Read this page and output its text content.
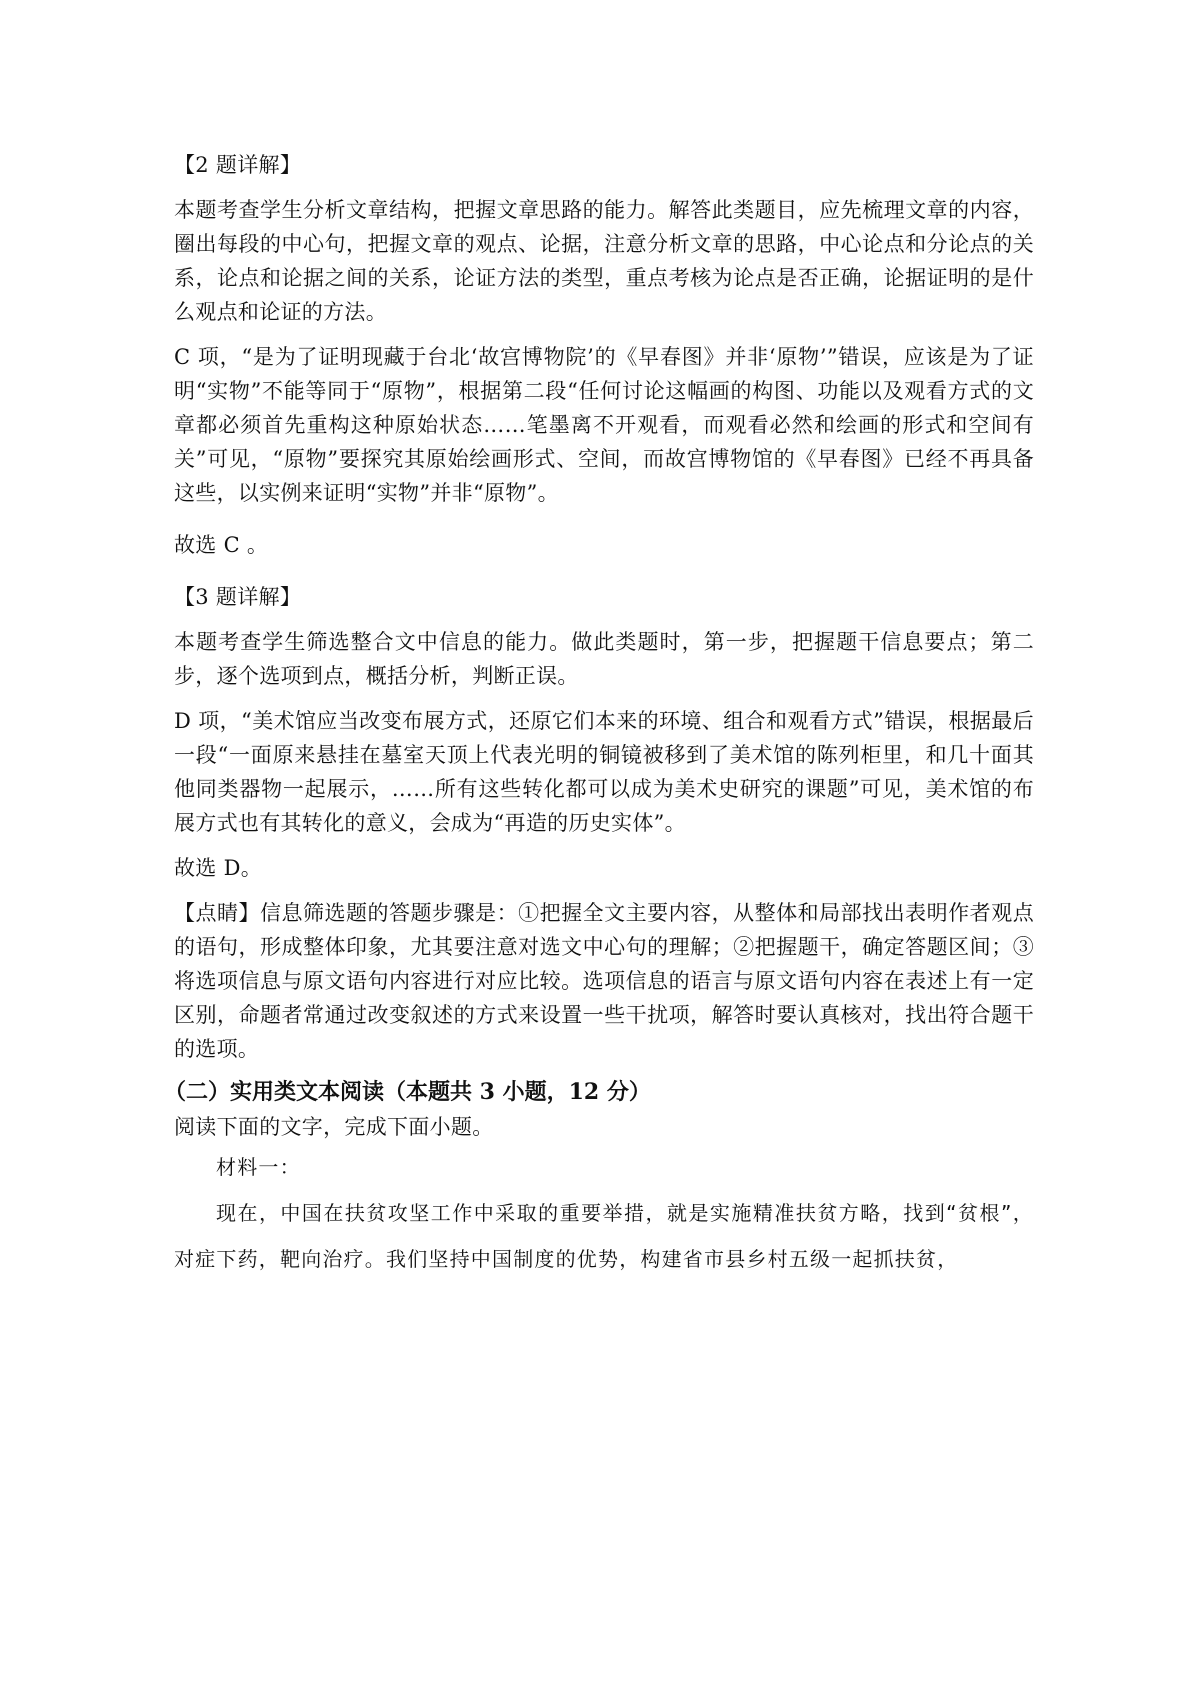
【2 题详解】

本题考查学生分析文章结构，把握文章思路的能力。解答此类题目，应先梳理文章的内容，圈出每段的中心句，把握文章的观点、论据，注意分析文章的思路，中心论点和分论点的关系，论点和论据之间的关系，论证方法的类型，重点考核为论点是否正确，论据证明的是什么观点和论证的方法。

C 项，“是为了证明现藏于台北‘故宫博物院’的《早春图》并非‘原物’”错误，应该是为了证明“实物”不能等同于“原物”，根据第二段“任何讨论这幅画的构图、功能以及观看方式的文章都必须首先重构这种原始状态……笔墨离不开观看，而观看必然和绘画的形式和空间有关”可见，“原物”要探究其原始绘画形式、空间，而故宫博物馆的《早春图》已经不再具备这些，以实例来证明“实物”并非“原物”。

故选 C 。

【3 题详解】

本题考查学生筛选整合文中信息的能力。做此类题时，第一步，把握题干信息要点；第二步，逐个选项到点，概括分析，判断正误。

D 项，“美术馆应当改变布展方式，还原它们本来的环境、组合和观看方式”错误，根据最后一段“一面原来悬挂在墓室天顶上代表光明的铜镜被移到了美术馆的陈列柜里，和几十面其他同类器物一起展示，……所有这些转化都可以成为美术史研究的课题”可见，美术馆的布展方式也有其转化的意义，会成为“再造的历史实体”。

故选 D。

【点睛】信息筛选题的答题步骤是：①把握全文主要内容，从整体和局部找出表明作者观点的语句，形成整体印象，尤其要注意对选文中心句的理解；②把握题干，确定答题区间；③将选项信息与原文语句内容进行对应比较。选项信息的语言与原文语句内容在表述上有一定区别，命题者常通过改变叙述的方式来设置一些干扰项，解答时要认真核对，找出符合题干的选项。

（二）实用类文本阅读（本题共 3 小题，12 分）

阅读下面的文字，完成下面小题。

材料一：

现在，中国在扶贫攻坚工作中采取的重要举措，就是实施精准扶贫方略，找到“贫根”，对症下药，靶向治疗。我们坚持中国制度的优势，构建省市县乡村五级一起抓扶贫，
